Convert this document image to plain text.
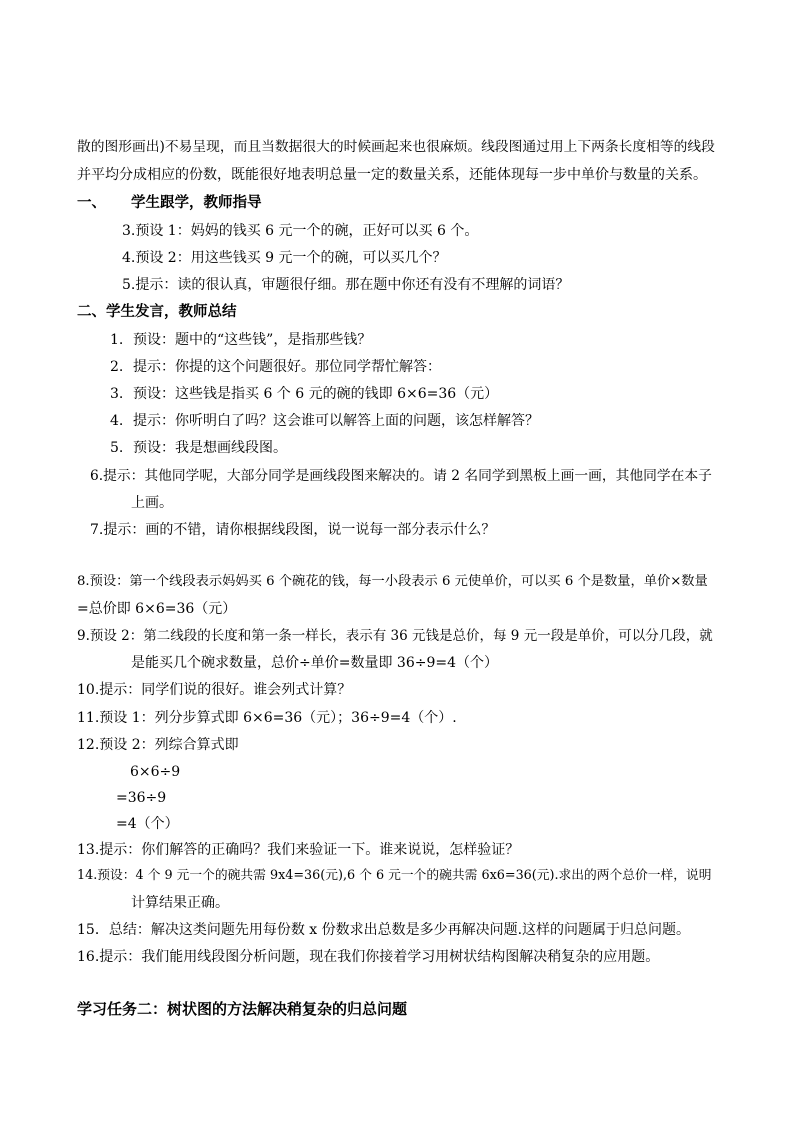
散的图形画出)不易呈现，而且当数据很大的时候画起来也很麻烦。线段图通过用上下两条长度相等的线段
并平均分成相应的份数，既能很好地表明总量一定的数量关系，还能体现每一步中单价与数量的关系。
一、 学生跟学，教师指导
3.预设 1：妈妈的钱买 6 元一个的碗，正好可以买 6 个。
4.预设 2：用这些钱买 9 元一个的碗，可以买几个？
5.提示：读的很认真，审题很仔细。那在题中你还有没有不理解的词语？
二、学生发言，教师总结
1. 预设：题中的“这些钱”，是指那些钱？
2. 提示：你提的这个问题很好。那位同学帮忙解答：
3. 预设：这些钱是指买 6 个 6 元的碗的钱即 6×6=36（元）
4. 提示：你听明白了吗？这会谁可以解答上面的问题，该怎样解答？
5. 预设：我是想画线段图。
6.提示：其他同学呢，大部分同学是画线段图来解决的。请 2 名同学到黑板上画一画，其他同学在本子
上画。
7.提示：画的不错，请你根据线段图，说一说每一部分表示什么？
8.预设：第一个线段表示妈妈买 6 个碗花的钱，每一小段表示 6 元使单价，可以买 6 个是数量，单价×数量
=总价即 6×6=36（元）
9.预设 2：第二线段的长度和第一条一样长，表示有 36 元钱是总价，每 9 元一段是单价，可以分几段，就
是能买几个碗求数量，总价÷单价=数量即 36÷9=4（个）
10.提示：同学们说的很好。谁会列式计算？
11.预设 1：列分步算式即 6×6=36（元）；36÷9=4（个）.
12.预设 2：列综合算式即
6×6÷9
=36÷9
=4（个）
13.提示：你们解答的正确吗？我们来验证一下。谁来说说，怎样验证？
14.预设：4 个 9 元一个的碗共需 9x4=36(元),6 个 6 元一个的碗共需 6x6=36(元).求出的两个总价一样，说明
计算结果正确。
15．总结：解决这类问题先用每份数 x 份数求出总数是多少再解决问题.这样的问题属于归总问题。
16.提示：我们能用线段图分析问题，现在我们你接着学习用树状结构图解决稍复杂的应用题。
学习任务二：树状图的方法解决稍复杂的归总问题
